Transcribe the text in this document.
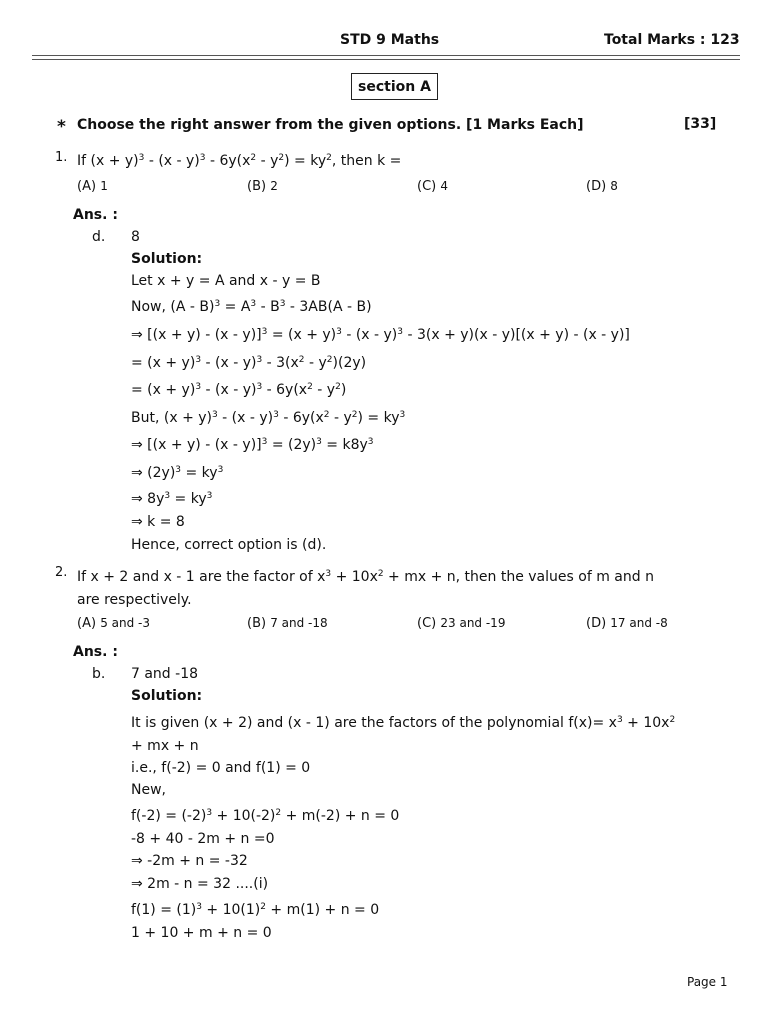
STD 9 Maths	Total Marks : 123
section A
* Choose the right answer from the given options. [1 Marks Each]	[33]
1. If $(x + y)^3 - (x - y)^3 - 6y(x^2 - y^2) = ky^2$, then k =
(A) 1	(B) 2	(C) 4	(D) 8
Ans. :
d. 8
Solution:
Let x + y = A and x - y = B
Now, $(A - B)^3 = A^3 - B^3 - 3AB(A - B)$
⇒ $[(x + y) - (x - y)]^3 = (x + y)^3 - (x - y)^3 - 3(x + y)(x - y)[(x + y) - (x - y)]$
= $(x + y)^3 - (x - y)^3 - 3(x^2 - y^2)(2y)$
= $(x + y)^3 - (x - y)^3 - 6y(x^2 - y^2)$
But, $(x + y)^3 - (x - y)^3 - 6y(x^2 - y^2) = ky^3$
⇒ $[(x + y) - (x - y)]^3 = (2y)^3 = k8y^3$
⇒ $(2y)^3 = ky^3$
⇒ $8y^3 = ky^3$
⇒ k = 8
Hence, correct option is (d).
2. If x + 2 and x - 1 are the factor of $x^3 + 10x^2$ + mx + n, then the values of m and n
are respectively.
(A) 5 and -3	(B) 7 and -18	(C) 23 and -19	(D) 17 and -8
Ans. :
b. 7 and -18
Solution:
It is given (x + 2) and (x - 1) are the factors of the polynomial $f(x)= x^3 + 10x^2$
+ mx + n
i.e., f(-2) = 0 and f(1) = 0
New,
$f(-2) = (-2)^3 + 10(-2)^2 + m(-2) + n = 0$
-8 + 40 - 2m + n =0
⇒ -2m + n = -32
⇒ 2m - n = 32 ....(i)
$f(1) = (1)^3 + 10(1)^2 + m(1) + n = 0$
1 + 10 + m + n = 0
Page 1
